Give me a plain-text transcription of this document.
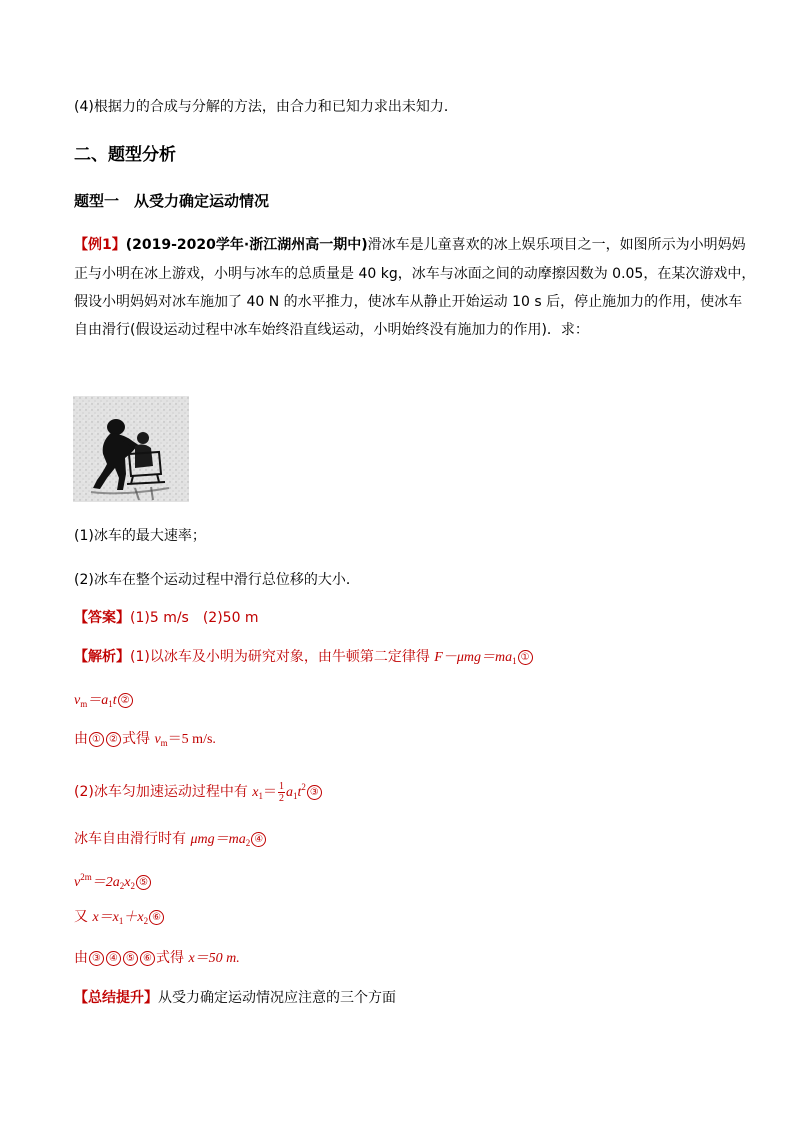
(4)根据力的合成与分解的方法，由合力和已知力求出未知力．
二、题型分析
题型一　从受力确定运动情况
【例1】(2019-2020学年·浙江湖州高一期中)滑冰车是儿童喜欢的冰上娱乐项目之一，如图所示为小明妈妈
正与小明在冰上游戏，小明与冰车的总质量是 40 kg，冰车与冰面之间的动摩擦因数为 0.05，在某次游戏中，
假设小明妈妈对冰车施加了 40 N 的水平推力，使冰车从静止开始运动 10 s 后，停止施加力的作用，使冰车
自由滑行(假设运动过程中冰车始终沿直线运动，小明始终没有施加力的作用)．求：
(1)冰车的最大速率；
(2)冰车在整个运动过程中滑行总位移的大小．
【答案】(1)5 m/s　(2)50 m
【解析】(1)以冰车及小明为研究对象，由牛顿第二定律得 $F-\mu mg=ma_1$ ①
$v_m=a_1t$ ②
由 ① ② 式得 $v_m=5$ m/s.
(2)冰车匀加速运动过程中有 $x_1= \frac{1}{2} a_1t^2$ ③
冰车自由滑行时有 $\mu mg=ma_2$ ④
$v^{2m}=2a_2x_2$ ⑤
又 $x=x_1+x_2$ ⑥
由 ③ ④ ⑤ ⑥ 式得 x＝50 m.
【总结提升】从受力确定运动情况应注意的三个方面
